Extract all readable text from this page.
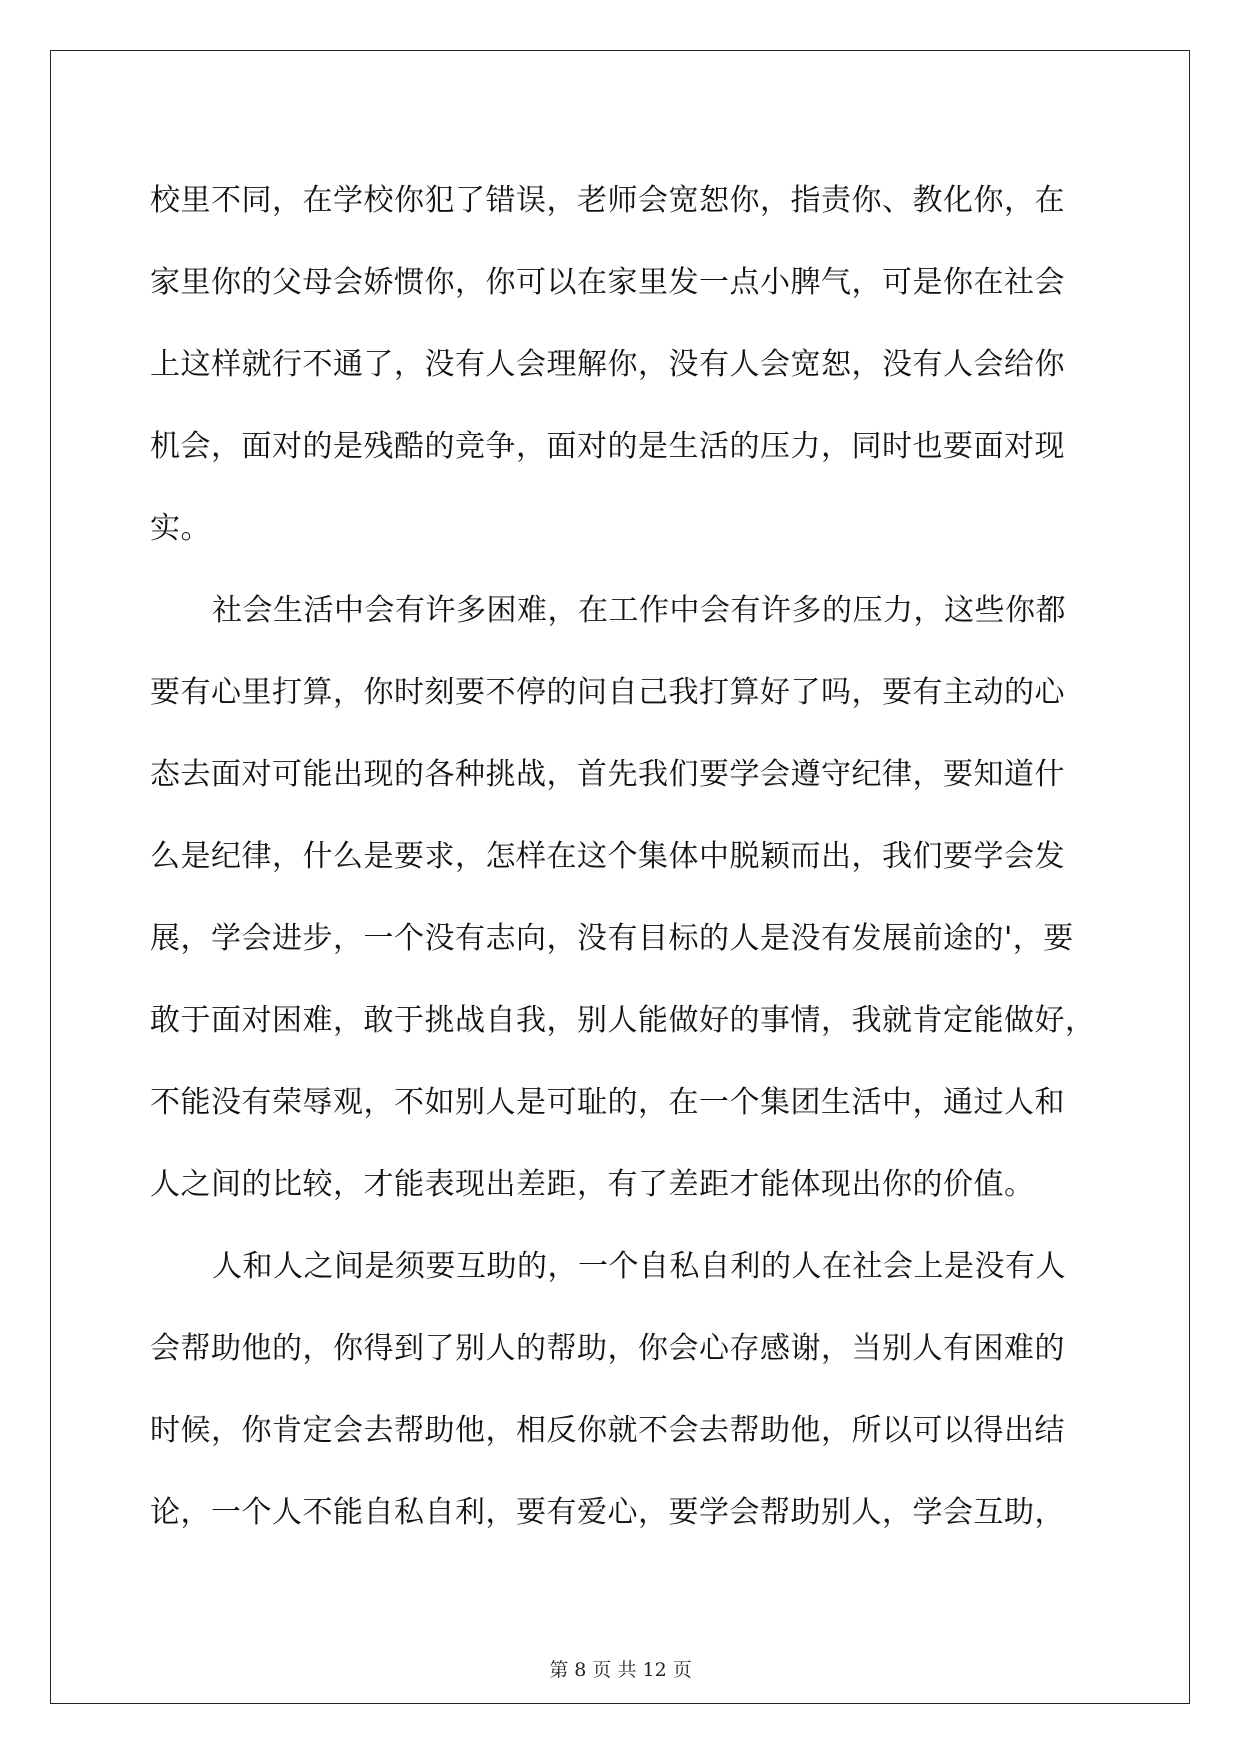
校里不同，在学校你犯了错误，老师会宽恕你，指责你、教化你，在
家里你的父母会娇惯你，你可以在家里发一点小脾气，可是你在社会
上这样就行不通了，没有人会理解你，没有人会宽恕，没有人会给你
机会，面对的是残酷的竞争，面对的是生活的压力，同时也要面对现
实。
社会生活中会有许多困难，在工作中会有许多的压力，这些你都
要有心里打算，你时刻要不停的问自己我打算好了吗，要有主动的心
态去面对可能出现的各种挑战，首先我们要学会遵守纪律，要知道什
么是纪律，什么是要求，怎样在这个集体中脱颖而出，我们要学会发
展，学会进步，一个没有志向，没有目标的人是没有发展前途的'，要
敢于面对困难，敢于挑战自我，别人能做好的事情，我就肯定能做好，
不能没有荣辱观，不如别人是可耻的，在一个集团生活中，通过人和
人之间的比较，才能表现出差距，有了差距才能体现出你的价值。
人和人之间是须要互助的，一个自私自利的人在社会上是没有人
会帮助他的，你得到了别人的帮助，你会心存感谢，当别人有困难的
时候，你肯定会去帮助他，相反你就不会去帮助他，所以可以得出结
论，一个人不能自私自利，要有爱心，要学会帮助别人，学会互助，
第 8 页 共 12 页
